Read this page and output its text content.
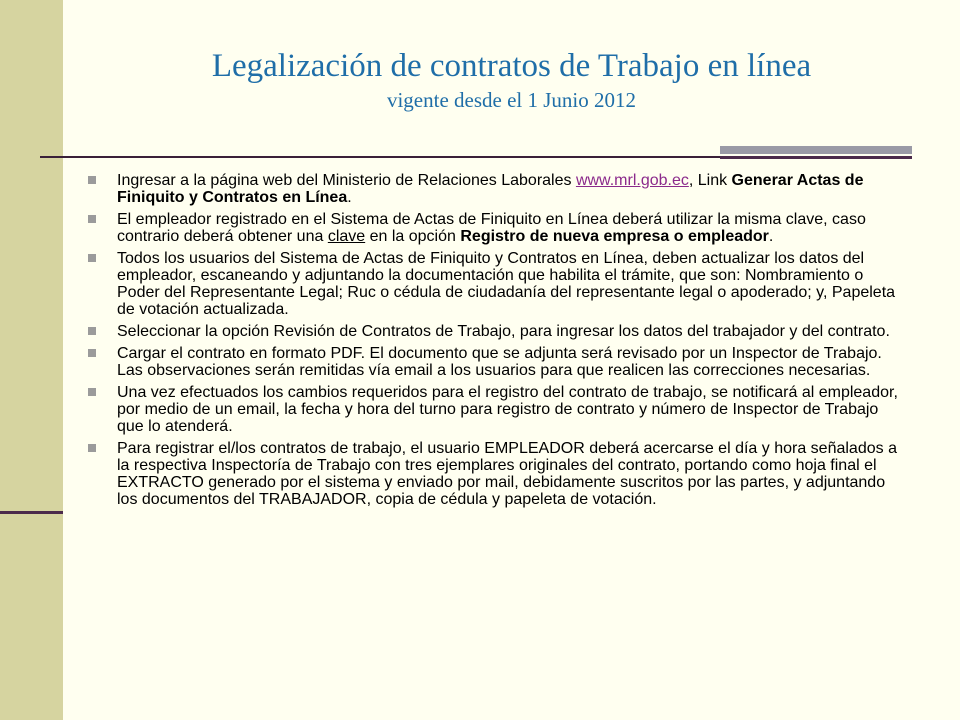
Legalización de contratos de Trabajo en línea
vigente desde el 1 Junio 2012
Ingresar a la página web del Ministerio de Relaciones Laborales www.mrl.gob.ec, Link Generar Actas de Finiquito y Contratos en Línea.
El empleador registrado en el Sistema de Actas de Finiquito en Línea deberá utilizar la misma clave, caso contrario deberá obtener una clave en la opción Registro de nueva empresa o empleador.
Todos los usuarios del Sistema de Actas de Finiquito y Contratos en Línea, deben actualizar los datos del empleador, escaneando y adjuntando la documentación que habilita el trámite, que son: Nombramiento o Poder del Representante Legal; Ruc o cédula de ciudadanía del representante legal o apoderado; y, Papeleta de votación actualizada.
Seleccionar la opción Revisión de Contratos de Trabajo, para ingresar los datos del trabajador y del contrato.
Cargar el contrato en formato PDF. El documento que se adjunta será revisado por un Inspector de Trabajo. Las observaciones serán remitidas vía email a los usuarios para que realicen las correcciones necesarias.
Una vez efectuados los cambios requeridos para el registro del contrato de trabajo, se notificará al empleador, por medio de un email, la fecha y hora del turno para registro de contrato y número de Inspector de Trabajo que lo atenderá.
Para registrar el/los contratos de trabajo, el usuario EMPLEADOR deberá acercarse el día y hora señalados a la respectiva Inspectoría de Trabajo con tres ejemplares originales del contrato, portando como hoja final el EXTRACTO generado por el sistema y enviado por mail, debidamente suscritos por las partes, y adjuntando los documentos del TRABAJADOR, copia de cédula y papeleta de votación.
